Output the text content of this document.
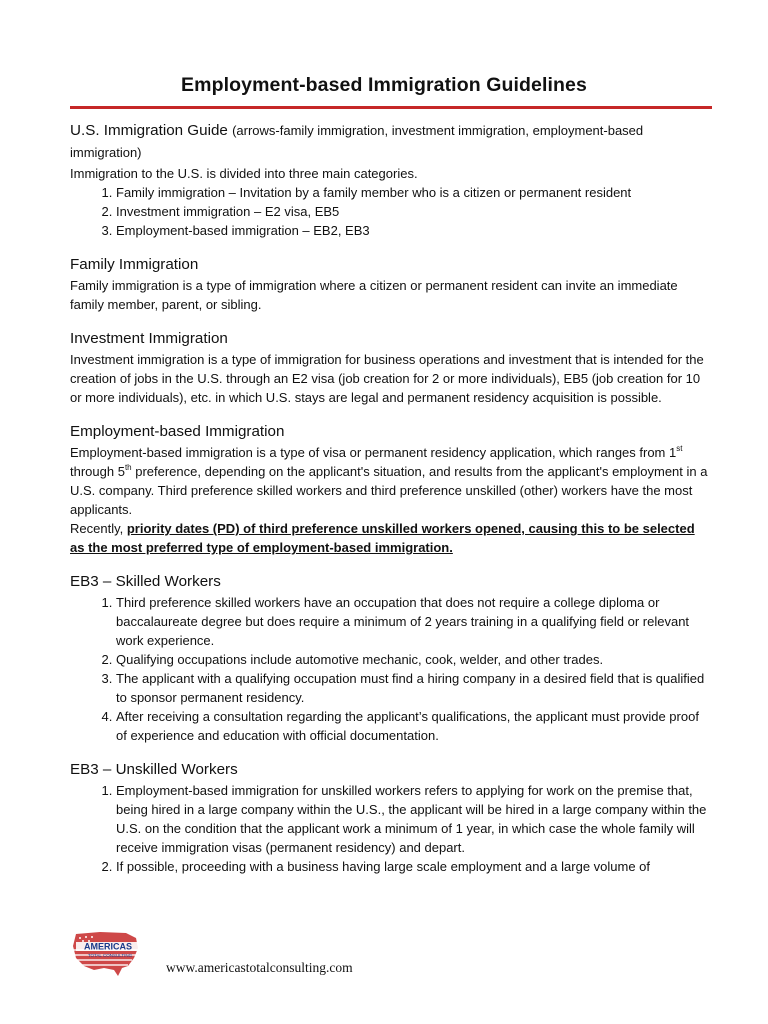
Employment-based Immigration Guidelines
U.S. Immigration Guide (arrows-family immigration, investment immigration, employment-based immigration)

Immigration to the U.S. is divided into three main categories.

1. Family immigration – Invitation by a family member who is a citizen or permanent resident
2. Investment immigration – E2 visa, EB5
3. Employment-based immigration – EB2, EB3
Family Immigration

Family immigration is a type of immigration where a citizen or permanent resident can invite an immediate family member, parent, or sibling.

Investment Immigration

Investment immigration is a type of immigration for business operations and investment that is intended for the creation of jobs in the U.S. through an E2 visa (job creation for 2 or more individuals), EB5 (job creation for 10 or more individuals), etc. in which U.S. stays are legal and permanent residency acquisition is possible.

Employment-based Immigration

Employment-based immigration is a type of visa or permanent residency application, which ranges from 1st through 5th preference, depending on the applicant's situation, and results from the applicant's employment in a U.S. company. Third preference skilled workers and third preference unskilled (other) workers have the most applicants.

Recently, priority dates (PD) of third preference unskilled workers opened, causing this to be selected as the most preferred type of employment-based immigration.

EB3 – Skilled Workers
1. Third preference skilled workers have an occupation that does not require a college diploma or baccalaureate degree but does require a minimum of 2 years training in a qualifying field or relevant work experience.
2. Qualifying occupations include automotive mechanic, cook, welder, and other trades.
3. The applicant with a qualifying occupation must find a hiring company in a desired field that is qualified to sponsor permanent residency.
4. After receiving a consultation regarding the applicant’s qualifications, the applicant must provide proof of experience and education with official documentation.
EB3 – Unskilled Workers
1. Employment-based immigration for unskilled workers refers to applying for work on the premise that, being hired in a large company within the U.S., the applicant will be hired in a large company within the U.S. on the condition that the applicant work a minimum of 1 year, in which case the whole family will receive immigration visas (permanent residency) and depart.
2. If possible, proceeding with a business having large scale employment and a large volume of
AMERICAS
TOTAL CONSULTING
www.americastotalconsulting.com
